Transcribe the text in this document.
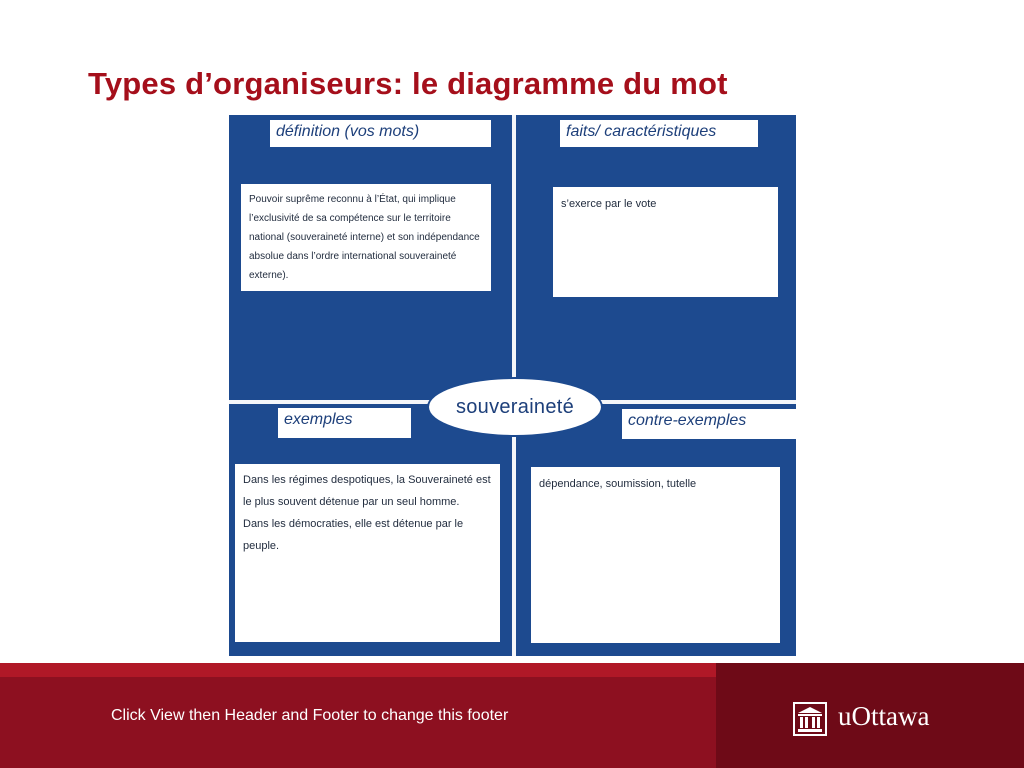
Types d’organiseurs: le diagramme du mot
définition (vos mots)
Pouvoir suprême reconnu à l’État, qui implique l’exclusivité de sa compétence sur le territoire national (souveraineté interne) et son indépendance absolue dans l’ordre international souveraineté externe).
faits/ caractéristiques
s’exerce par le vote
exemples
Dans les régimes despotiques, la Souveraineté est le plus souvent détenue par un seul homme.
Dans les démocraties, elle est détenue par le peuple.
contre-exemples
dépendance, soumission, tutelle
souveraineté
Click View then Header and Footer to change this footer	uOttawa
